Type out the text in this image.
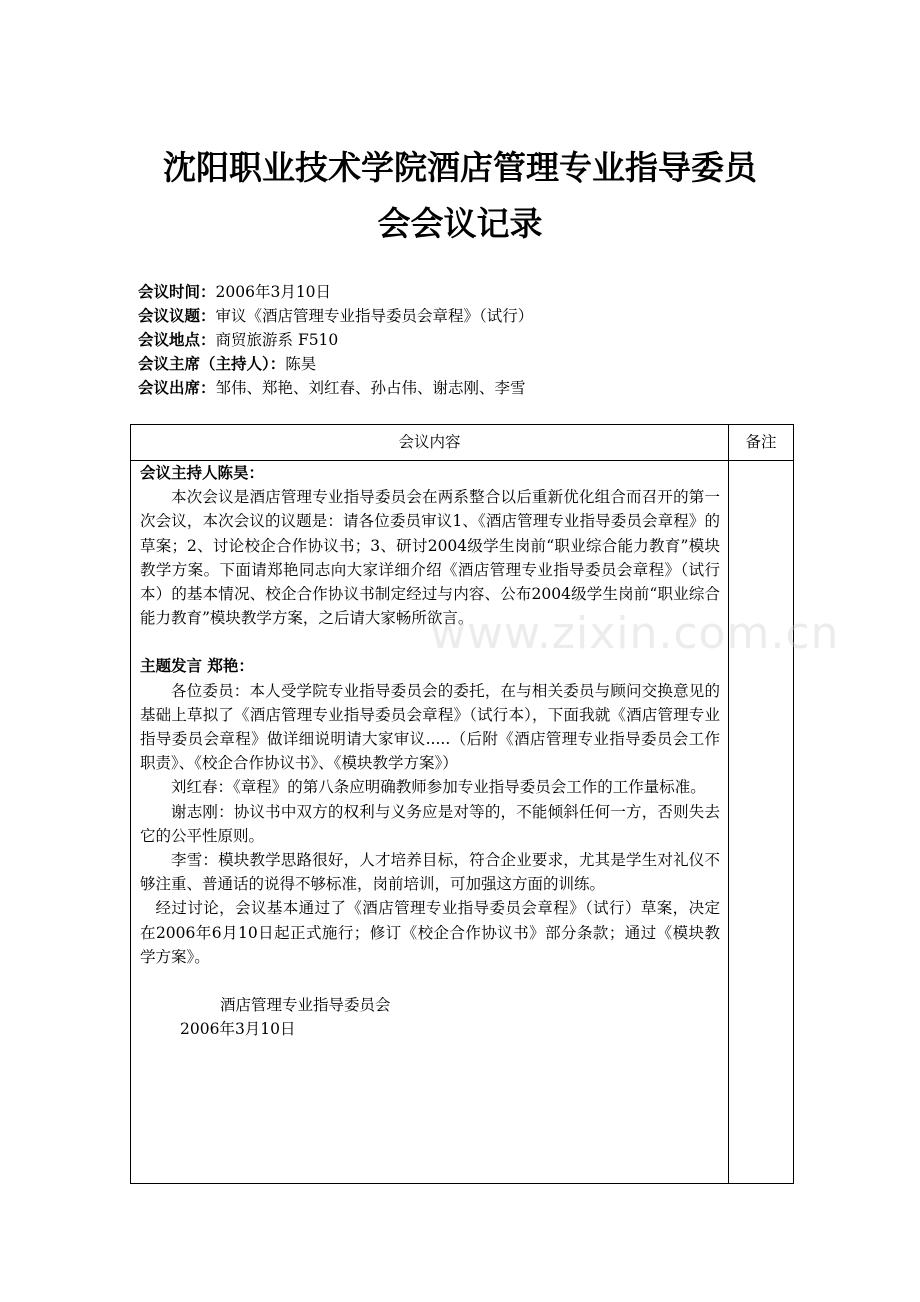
沈阳职业技术学院酒店管理专业指导委员
会会议记录
会议时间：2006年3月10日
会议议题：审议《酒店管理专业指导委员会章程》（试行）
会议地点：商贸旅游系 F510
会议主席（主持人）：陈昊
会议出席：邹伟、郑艳、刘红春、孙占伟、谢志刚、李雪
会议内容	备注

会议主持人陈昊：

本次会议是酒店管理专业指导委员会在两系整合以后重新优化组合而召开的第一次会议，本次会议的议题是：请各位委员审议1、《酒店管理专业指导委员会章程》的草案；2、讨论校企合作协议书；3、研讨2004级学生岗前“职业综合能力教育”模块教学方案。下面请郑艳同志向大家详细介绍《酒店管理专业指导委员会章程》（试行本）的基本情况、校企合作协议书制定经过与内容、公布2004级学生岗前“职业综合能力教育”模块教学方案，之后请大家畅所欲言。

主题发言 郑艳：

各位委员：本人受学院专业指导委员会的委托，在与相关委员与顾问交换意见的基础上草拟了《酒店管理专业指导委员会章程》（试行本），下面我就《酒店管理专业指导委员会章程》做详细说明请大家审议.....（后附《酒店管理专业指导委员会工作职责》、《校企合作协议书》、《模块教学方案》）

刘红春：《章程》的第八条应明确教师参加专业指导委员会工作的工作量标准。

谢志刚：协议书中双方的权利与义务应是对等的，不能倾斜任何一方，否则失去它的公平性原则。

李雪：模块教学思路很好，人才培养目标，符合企业要求，尤其是学生对礼仪不够注重、普通话的说得不够标准，岗前培训，可加强这方面的训练。

经过讨论，会议基本通过了《酒店管理专业指导委员会章程》（试行）草案，决定在2006年6月10日起正式施行；修订《校企合作协议书》部分条款；通过《模块教学方案》。

酒店管理专业指导委员会

2006年3月10日

www.zixin.com.cn
